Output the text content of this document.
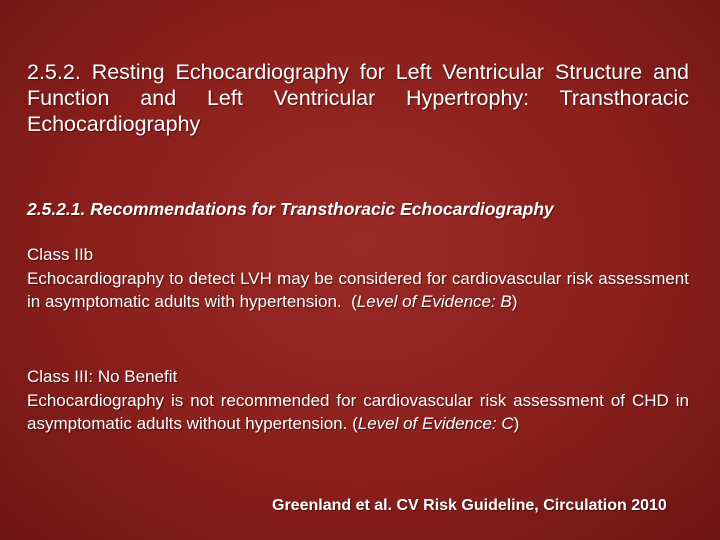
2.5.2. Resting Echocardiography for Left Ventricular Structure and Function and Left Ventricular Hypertrophy: Transthoracic Echocardiography
2.5.2.1. Recommendations for Transthoracic Echocardiography
Class IIb
Echocardiography to detect LVH may be considered for cardiovascular risk assessment in asymptomatic adults with hypertension. (Level of Evidence: B)
Class III: No Benefit
Echocardiography is not recommended for cardiovascular risk assessment of CHD in asymptomatic adults without hypertension. (Level of Evidence: C)
Greenland et al. CV Risk Guideline, Circulation 2010
